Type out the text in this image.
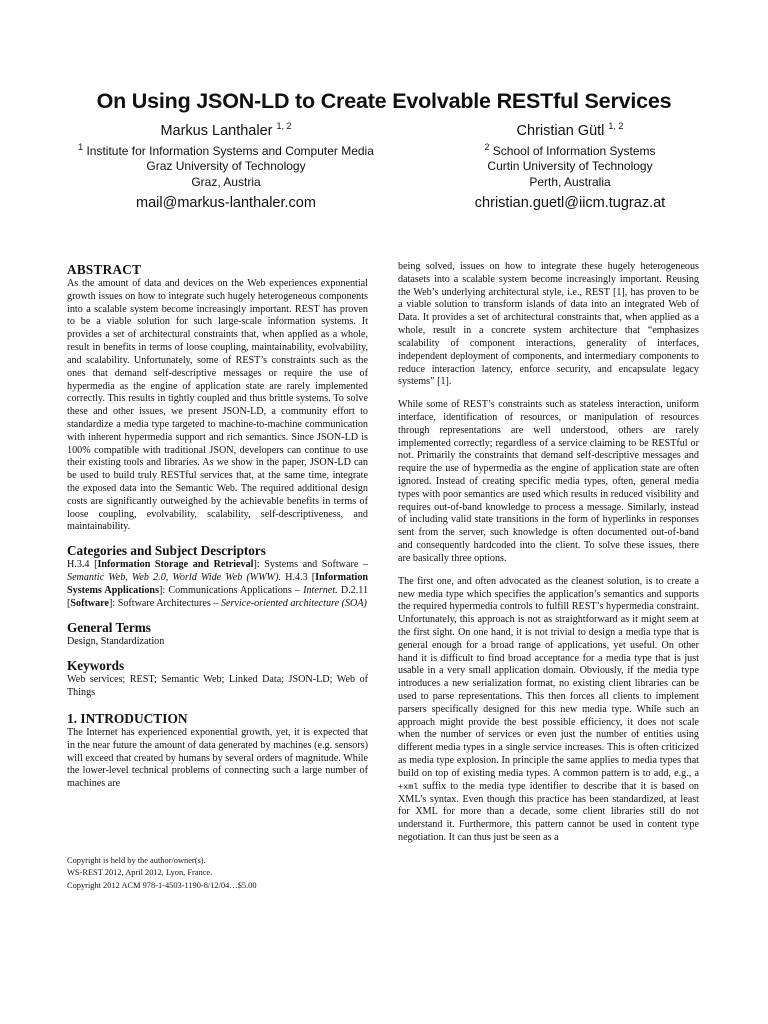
On Using JSON-LD to Create Evolvable RESTful Services
Markus Lanthaler $^{1, 2}$
$^1$ Institute for Information Systems and Computer Media
Graz University of Technology
Graz, Austria
mail@markus-lanthaler.com
Christian Gütl $^{1, 2}$
$^2$ School of Information Systems
Curtin University of Technology
Perth, Australia
christian.guetl@iicm.tugraz.at
ABSTRACT

As the amount of data and devices on the Web experiences exponential growth issues on how to integrate such hugely heterogeneous components into a scalable system become increasingly important. REST has proven to be a viable solution for such large-scale information systems. It provides a set of architectural constraints that, when applied as a whole, result in benefits in terms of loose coupling, maintainability, evolvability, and scalability. Unfortunately, some of REST’s constraints such as the ones that demand self-descriptive messages or require the use of hypermedia as the engine of application state are rarely implemented correctly. This results in tightly coupled and thus brittle systems. To solve these and other issues, we present JSON-LD, a community effort to standardize a media type targeted to machine-to-machine communication with inherent hypermedia support and rich semantics. Since JSON-LD is 100% compatible with traditional JSON, developers can continue to use their existing tools and libraries. As we show in the paper, JSON-LD can be used to build truly RESTful services that, at the same time, integrate the exposed data into the Semantic Web. The required additional design costs are significantly outweighed by the achievable benefits in terms of loose coupling, evolvability, scalability, self-descriptiveness, and maintainability.

Categories and Subject Descriptors

H.3.4 [Information Storage and Retrieval]: Systems and Software – Semantic Web, Web 2.0, World Wide Web (WWW). H.4.3 [Information Systems Applications]: Communications Applications – Internet. D.2.11 [Software]: Software Architectures – Service-oriented architecture (SOA)

General Terms

Design, Standardization

Keywords

Web services; REST; Semantic Web; Linked Data; JSON-LD; Web of Things

1. INTRODUCTION

The Internet has experienced exponential growth, yet, it is expected that in the near future the amount of data generated by machines (e.g. sensors) will exceed that created by humans by several orders of magnitude. While the lower-level technical problems of connecting such a large number of machines are

Copyright is held by the author/owner(s).
WS-REST 2012, April 2012, Lyon, France.
Copyright 2012 ACM 978-1-4503-1190-8/12/04…$5.00

being solved, issues on how to integrate these hugely heterogeneous datasets into a scalable system become increasingly important. Reusing the Web’s underlying architectural style, i.e., REST [1], has proven to be a viable solution to transform islands of data into an integrated Web of Data. It provides a set of architectural constraints that, when applied as a whole, result in a concrete system architecture that “emphasizes scalability of component interactions, generality of interfaces, independent deployment of components, and intermediary components to reduce interaction latency, enforce security, and encapsulate legacy systems” [1].

While some of REST’s constraints such as stateless interaction, uniform interface, identification of resources, or manipulation of resources through representations are well understood, others are rarely implemented correctly; regardless of a service claiming to be RESTful or not. Primarily the constraints that demand self-descriptive messages and require the use of hypermedia as the engine of application state are often ignored. Instead of creating specific media types, often, general media types with poor semantics are used which results in reduced visibility and requires out-of-band knowledge to process a message. Similarly, instead of including valid state transitions in the form of hyperlinks in responses sent from the server, such knowledge is often documented out-of-band and consequently hardcoded into the client. To solve these issues, there are basically three options.

The first one, and often advocated as the cleanest solution, is to create a new media type which specifies the application’s semantics and supports the required hypermedia controls to fulfill REST’s hypermedia constraint. Unfortunately, this approach is not as straightforward as it might seem at the first sight. On one hand, it is not trivial to design a media type that is general enough for a broad range of applications, yet useful. On other hand it is difficult to find broad acceptance for a media type that is just usable in a very small application domain. Obviously, if the media type introduces a new serialization format, no existing client libraries can be used to parse representations. This then forces all clients to implement parsers specifically designed for this new media type. While such an approach might provide the best possible efficiency, it does not scale when the number of services or even just the number of entities using different media types in a single service increases. This is often criticized as media type explosion. In principle the same applies to media types that build on top of existing media types. A common pattern is to add, e.g., a +xml suffix to the media type identifier to describe that it is based on XML’s syntax. Even though this practice has been standardized, at least for XML for more than a decade, some client libraries still do not understand it. Furthermore, this pattern cannot be used in content type negotiation. It can thus just be seen as a
